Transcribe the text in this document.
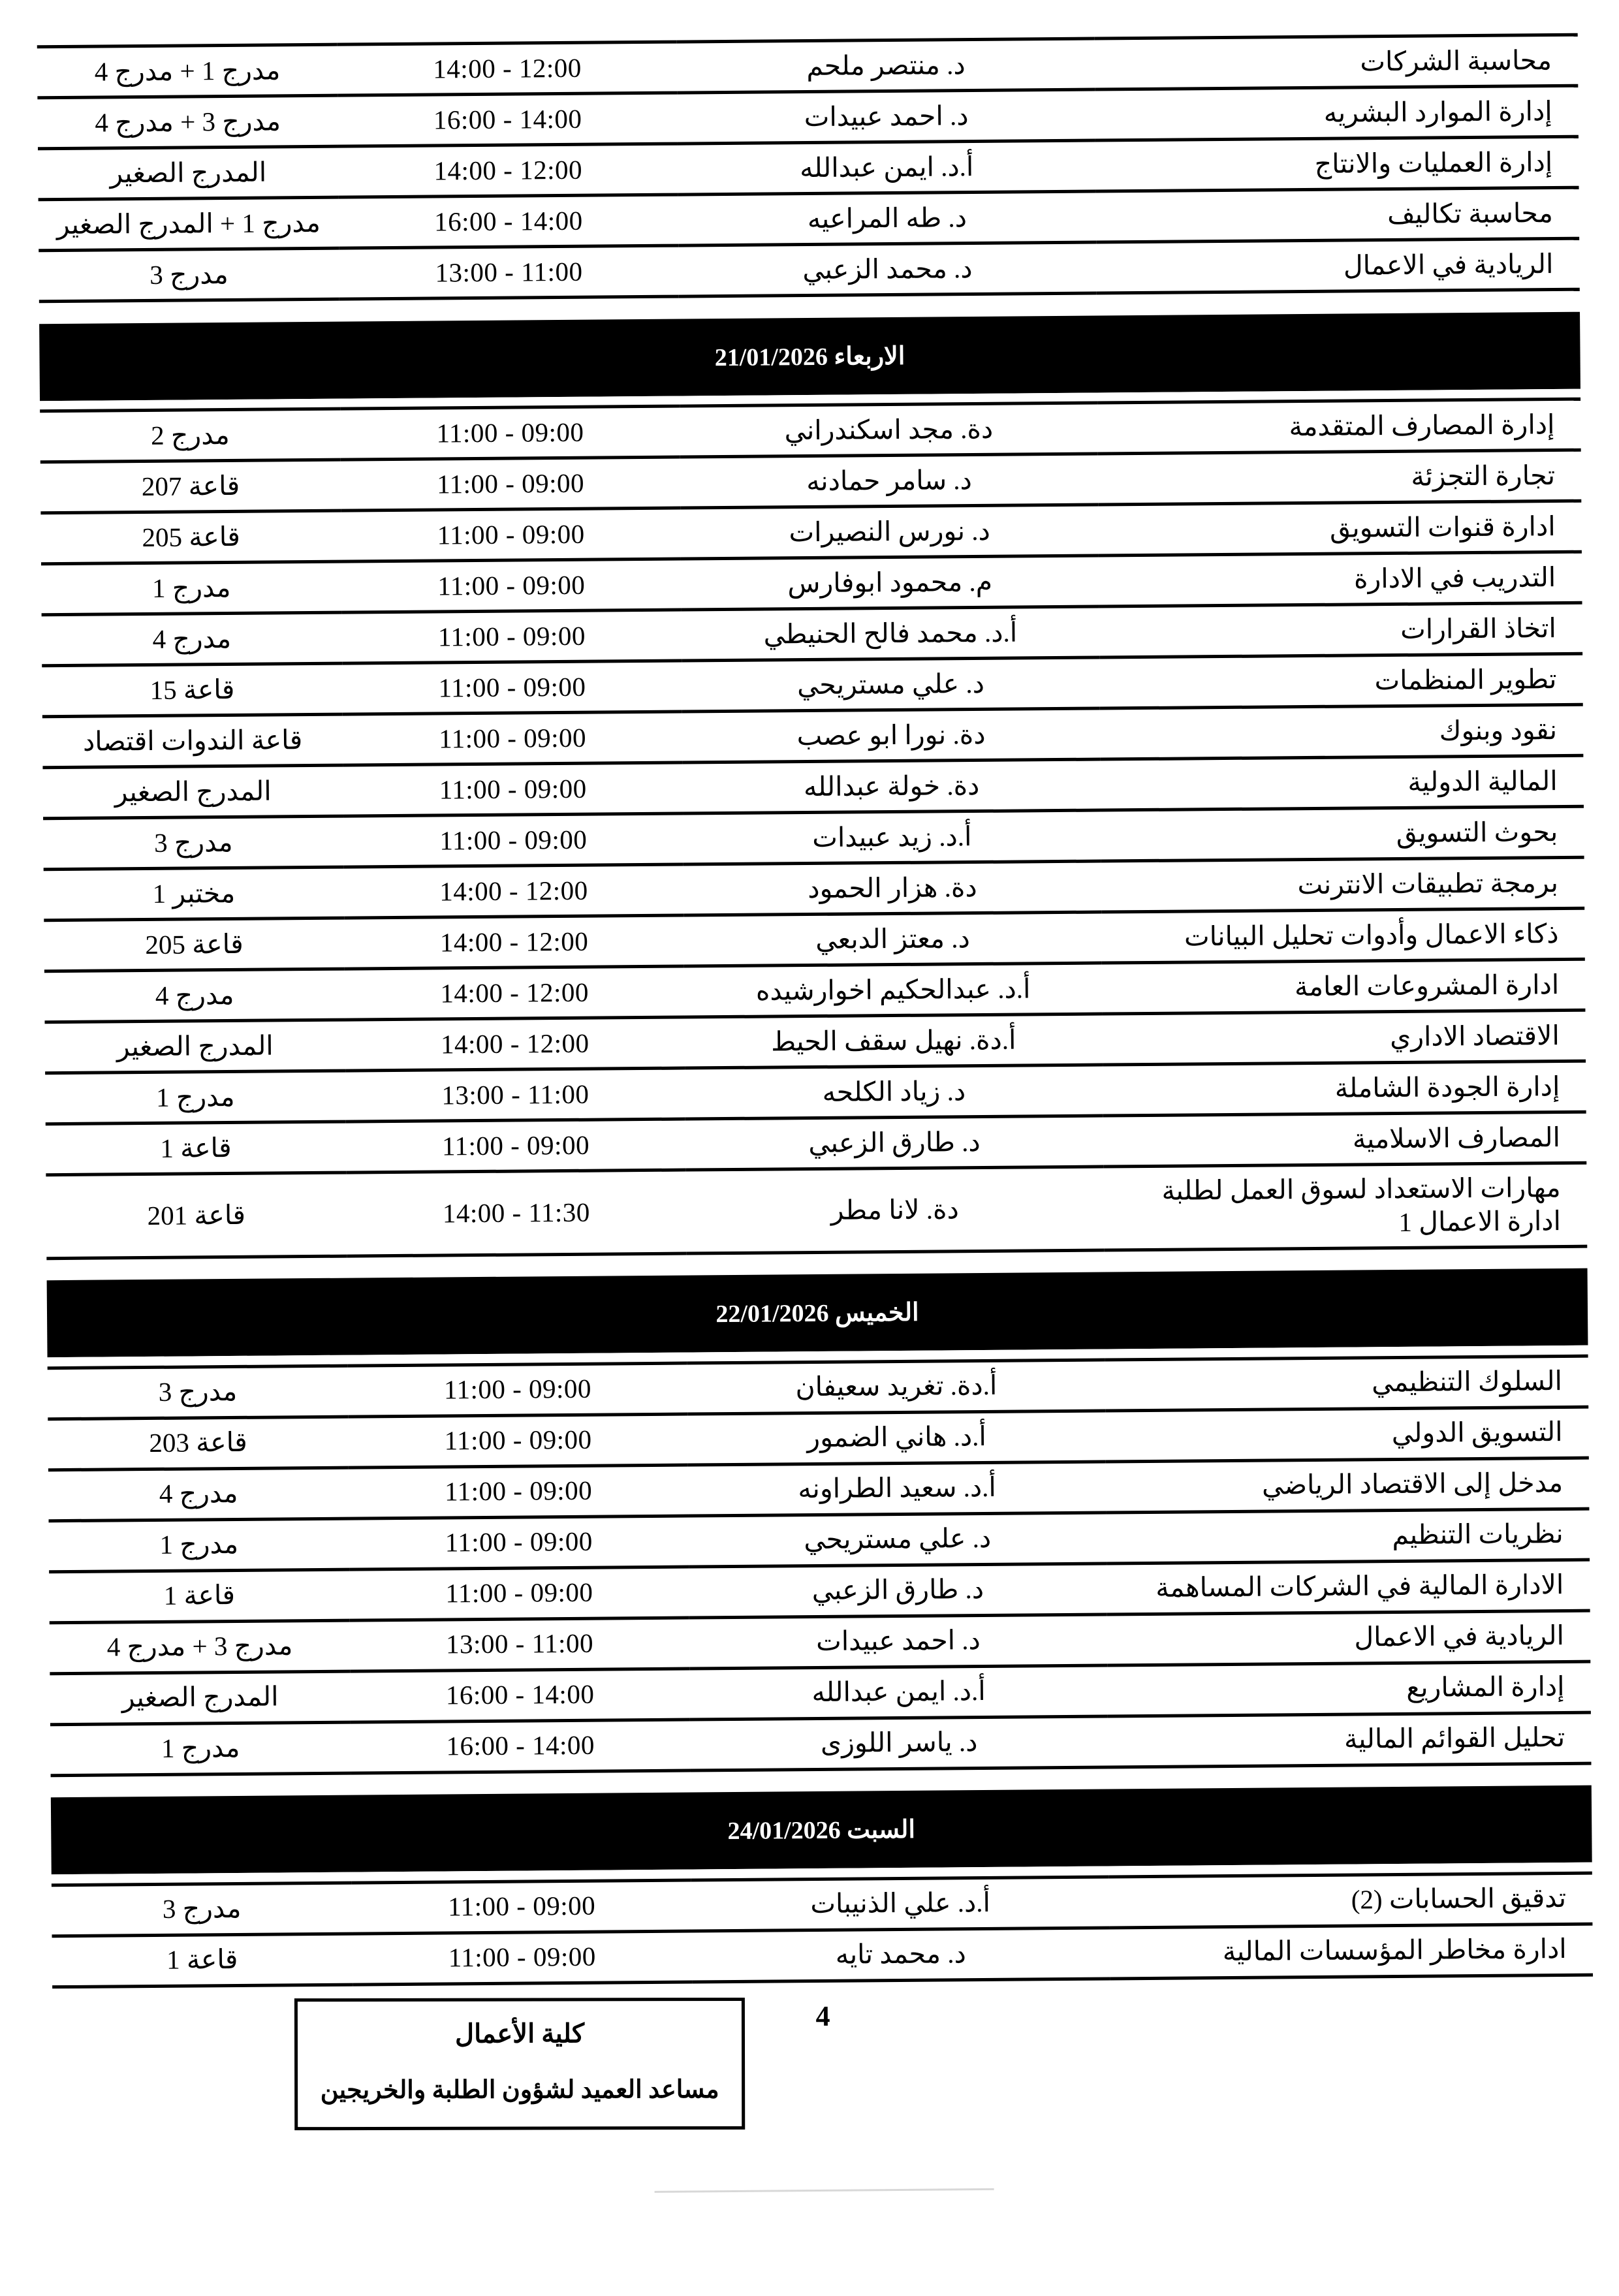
محاسبة الشركات	د. منتصر ملحم	12:00 - 14:00	مدرج 1 + مدرج 4
إدارة الموارد البشريه	د. احمد عبيدات	14:00 - 16:00	مدرج 3 + مدرج 4
إدارة العمليات والانتاج	أ.د. ايمن عبدالله	12:00 - 14:00	المدرج الصغير
محاسبة تكاليف	د. طه المراعيه	14:00 - 16:00	مدرج 1 + المدرج الصغير
الريادية في الاعمال	د. محمد الزعبي	11:00 - 13:00	مدرج 3

الاربعاء 21/01/2026			

إدارة المصارف المتقدمة	دة. مجد اسكندراني	09:00 - 11:00	مدرج 2
تجارة التجزئة	د. سامر حمادنه	09:00 - 11:00	قاعة 207
ادارة قنوات التسويق	د. نورس النصيرات	09:00 - 11:00	قاعة 205
التدريب في الادارة	م. محمود ابوفارس	09:00 - 11:00	مدرج 1
اتخاذ القرارات	أ.د. محمد فالح الحنيطي	09:00 - 11:00	مدرج 4
تطوير المنظمات	د. علي مستريحي	09:00 - 11:00	قاعة 15
نقود وبنوك	دة. نورا ابو عصب	09:00 - 11:00	قاعة الندوات اقتصاد
المالية الدولية	دة. خولة عبدالله	09:00 - 11:00	المدرج الصغير
بحوث التسويق	أ.د. زيد عبيدات	09:00 - 11:00	مدرج 3
برمجة تطبيقات الانترنت	دة. هزار الحمود	12:00 - 14:00	مختبر 1
ذكاء الاعمال وأدوات تحليل البيانات	د. معتز الدبعي	12:00 - 14:00	قاعة 205
ادارة المشروعات العامة	أ.د. عبدالحكيم اخوارشيده	12:00 - 14:00	مدرج 4
الاقتصاد الاداري	أ.دة. نهيل سقف الحيط	12:00 - 14:00	المدرج الصغير
إدارة الجودة الشاملة	د. زياد الكلحه	11:00 - 13:00	مدرج 1
المصارف الاسلامية	د. طارق الزعبي	09:00 - 11:00	قاعة 1
مهارات الاستعداد لسوق العمل لطلبة ادارة الاعمال 1	دة. لانا مطر	11:30 - 14:00	قاعة 201

الخميس 22/01/2026			

السلوك التنظيمي	أ.دة. تغريد سعيفان	09:00 - 11:00	مدرج 3
التسويق الدولي	أ.د. هاني الضمور	09:00 - 11:00	قاعة 203
مدخل إلى الاقتصاد الرياضي	أ.د. سعيد الطراونه	09:00 - 11:00	مدرج 4
نظريات التنظيم	د. علي مستريحي	09:00 - 11:00	مدرج 1
الادارة المالية في الشركات المساهمة	د. طارق الزعبي	09:00 - 11:00	قاعة 1
الريادية في الاعمال	د. احمد عبيدات	11:00 - 13:00	مدرج 3 + مدرج 4
إدارة المشاريع	أ.د. ايمن عبدالله	14:00 - 16:00	المدرج الصغير
تحليل القوائم المالية	د. ياسر اللوزى	14:00 - 16:00	مدرج 1

السبت 24/01/2026			

تدقيق الحسابات (2)	أ.د. علي الذنيبات	09:00 - 11:00	مدرج 3
ادارة مخاطر المؤسسات المالية	د. محمد تايه	09:00 - 11:00	قاعة 1
4
كلية الأعمال
مساعد العميد لشؤون الطلبة والخريجين
